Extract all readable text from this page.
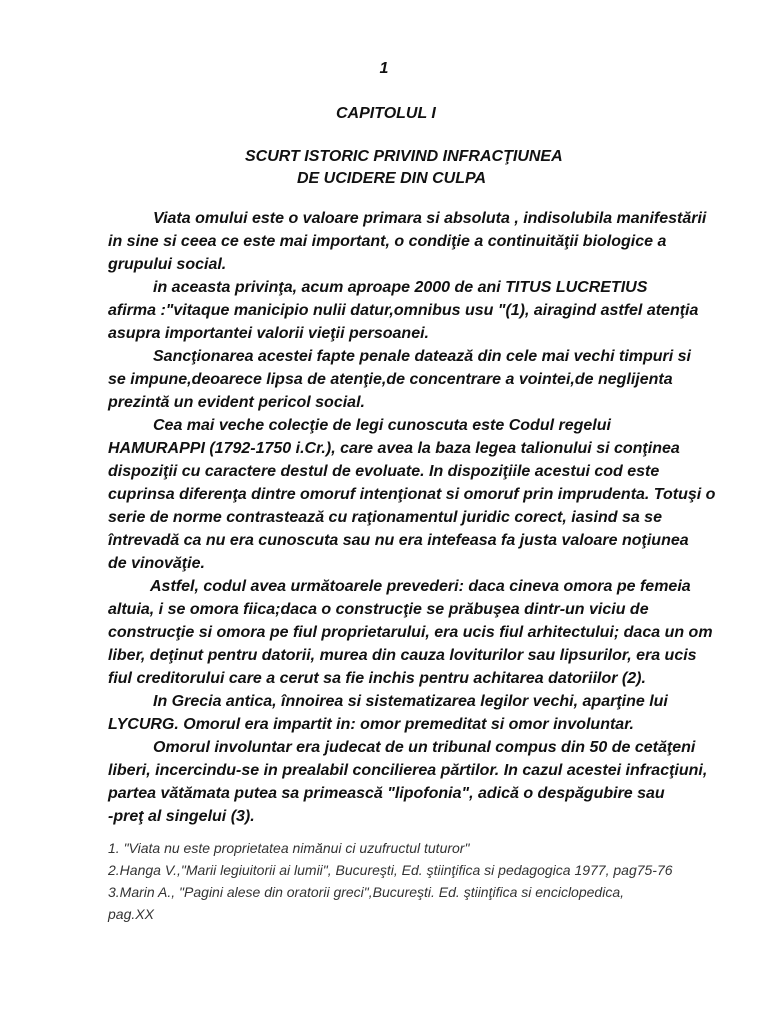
1
CAPITOLUL I
SCURT ISTORIC PRIVIND INFRACŢIUNEA
DE UCIDERE DIN CULPA
Viata omului este o valoare primara si absoluta , indisolubila manifestării
in sine si ceea ce este mai important, o condiţie a continuităţii biologice a
grupului social.
in aceasta privinţa, acum aproape 2000 de ani TITUS LUCRETIUS
afirma :"vitaque manicipio nulii datur,omnibus usu "(1), airagind astfel atenţia
asupra importantei valorii vieţii persoanei.
Sancţionarea acestei fapte penale datează din cele mai vechi timpuri si
se impune,deoarece lipsa de atenţie,de concentrare a vointei,de neglijenta
prezintă un evident pericol social.
Cea mai veche colecţie de legi cunoscuta este Codul regelui
HAMURAPPI (1792-1750 i.Cr.), care avea la baza legea talionului si conţinea
dispoziţii cu caractere destul de evoluate. In dispoziţiile acestui cod este
cuprinsa diferenţa dintre omoruf intenţionat si omoruf prin imprudenta. Totuşi o
serie de norme contrastează cu raţionamentul juridic corect, iasind sa se
întrevadă ca nu era cunoscuta sau nu era intefeasa fa justa valoare noţiunea
de vinovăţie.
Astfel, codul avea următoarele prevederi: daca cineva omora pe femeia
altuia, i se omora fiica;daca o construcţie se prăbuşea dintr-un viciu de
construcţie si omora pe fiul proprietarului, era ucis fiul arhitectului; daca un om
liber, deţinut pentru datorii, murea din cauza loviturilor sau lipsurilor, era ucis
fiul creditorului care a cerut sa fie inchis pentru achitarea datoriilor (2).
In Grecia antica, înnoirea si sistematizarea legilor vechi, aparţine lui
LYCURG. Omorul era impartit in: omor premeditat si omor involuntar.
Omorul involuntar era judecat de un tribunal compus din 50 de cetăţeni
liberi, incercindu-se in prealabil concilierea părtilor. In cazul acestei infracţiuni,
partea vătămata putea sa primească "lipofonia", adică o despăgubire sau
-preţ al singelui (3).
1. "Viata nu este proprietatea nimănui ci uzufructul tuturor"
2.Hanga V.,"Marii legiuitorii ai lumii", Bucureşti, Ed. ştiinţifica si pedagogica 1977, pag75-76
3.Marin A., "Pagini alese din oratorii greci",Bucureşti. Ed. ştiinţifica si enciclopedica,
pag.XX
